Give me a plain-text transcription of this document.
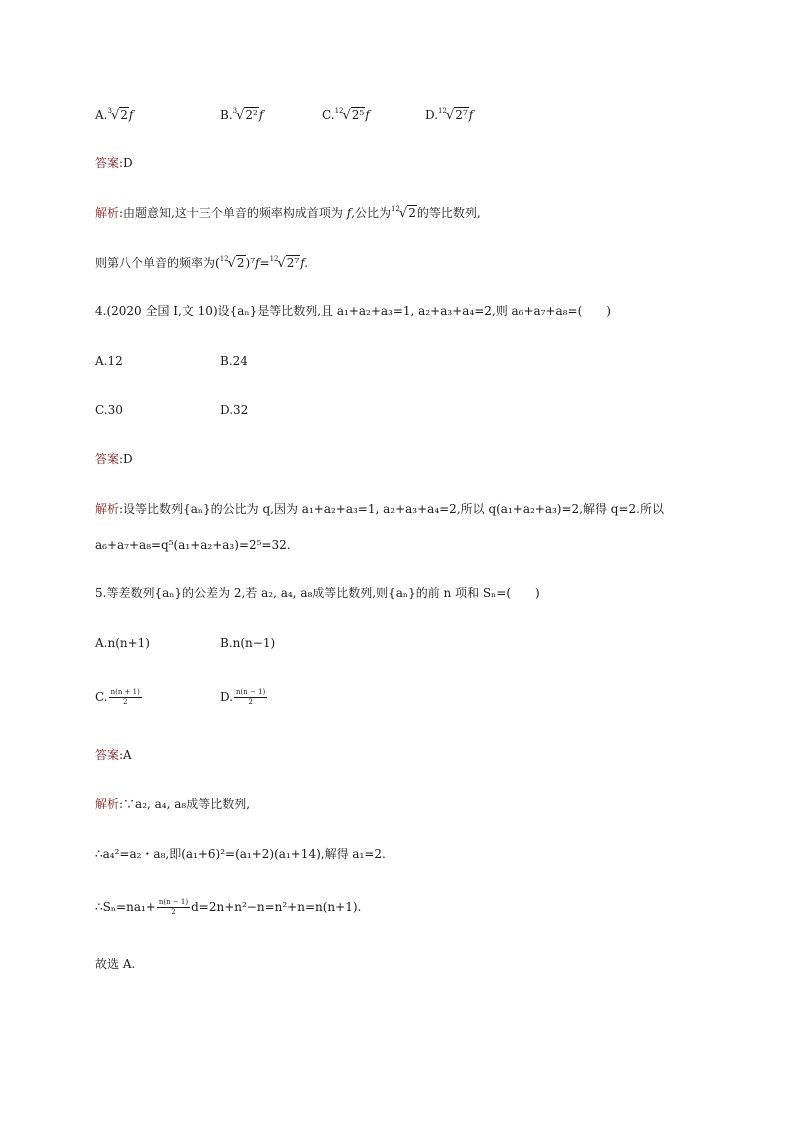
A.$^3$√2f	B.$^3$√2²f	C.$^{12}$√2⁵f	D.$^{12}$√2⁷f
答案:D
解析:由题意知,这十三个单音的频率构成首项为 f,公比为$^{12}$√2的等比数列,
则第八个单音的频率为($^{12}$√2)⁷f=$^{12}$√2⁷f.
4.(2020 全国 Ⅰ,文 10)设{aₙ}是等比数列,且 a₁+a₂+a₃=1, a₂+a₃+a₄=2,则 a₆+a₇+a₈=(　　)
A.12	B.24
C.30	D.32
答案:D
解析:设等比数列{aₙ}的公比为 q,因为 a₁+a₂+a₃=1, a₂+a₃+a₄=2,所以 q(a₁+a₂+a₃)=2,解得 q=2.所以
a₆+a₇+a₈=q⁵(a₁+a₂+a₃)=2⁵=32.
5.等差数列{aₙ}的公差为 2,若 a₂, a₄, a₈成等比数列,则{aₙ}的前 n 项和 Sₙ=(　　)
A.n(n+1)	B.n(n−1)
C. $\frac{n(n + 1)}{2}$	D. $\frac{n(n - 1)}{2}$
答案:A
解析:∵a₂, a₄, a₈成等比数列,
∴a₄²=a₂・a₈,即(a₁+6)²=(a₁+2)(a₁+14),解得 a₁=2.
∴Sₙ=na₁+ $\frac{n(n - 1)}{2} d=2n+n^2-n=n^2+n=n(n+1)$.
故选 A.
